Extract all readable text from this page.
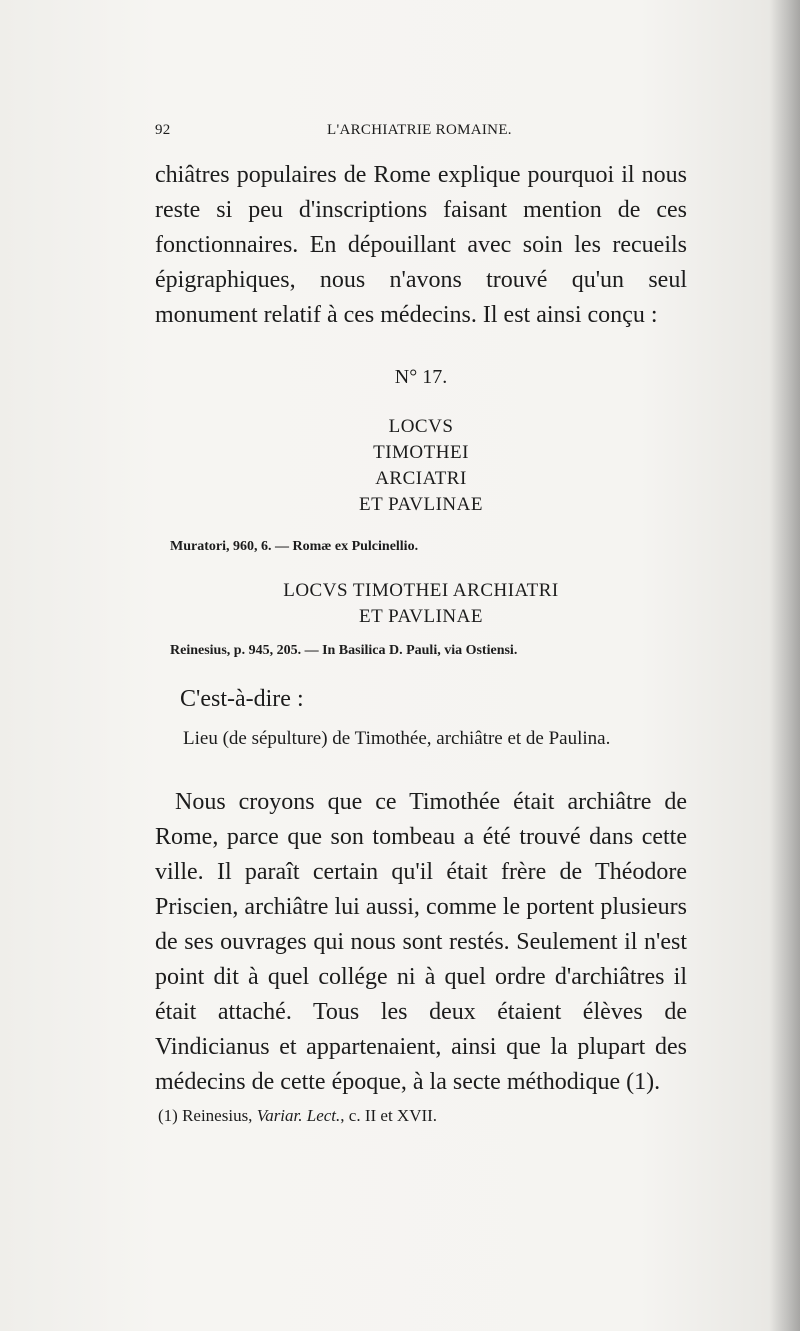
92	L'ARCHIATRIE ROMAINE.
chiâtres populaires de Rome explique pourquoi il nous reste si peu d'inscriptions faisant mention de ces fonctionnaires. En dépouillant avec soin les recueils épigraphiques, nous n'avons trouvé qu'un seul monument relatif à ces médecins. Il est ainsi conçu :
N° 17.
LOCVS
TIMOTHEI
ARCIATRI
ET PAVLINAE
Muratori, 960, 6. — Romæ ex Pulcinellio.
LOCVS TIMOTHEI ARCHIATRI
ET PAVLINAE
Reinesius, p. 945, 205. — In Basilica D. Pauli, via Ostiensi.
C'est-à-dire :
Lieu (de sépulture) de Timothée, archiâtre et de Paulina.
Nous croyons que ce Timothée était archiâtre de Rome, parce que son tombeau a été trouvé dans cette ville. Il paraît certain qu'il était frère de Théodore Priscien, archiâtre lui aussi, comme le portent plusieurs de ses ouvrages qui nous sont restés. Seulement il n'est point dit à quel collége ni à quel ordre d'archiâtres il était attaché. Tous les deux étaient élèves de Vindicianus et appartenaient, ainsi que la plupart des médecins de cette époque, à la secte méthodique (1).
(1) Reinesius, Variar. Lect., c. II et XVII.
